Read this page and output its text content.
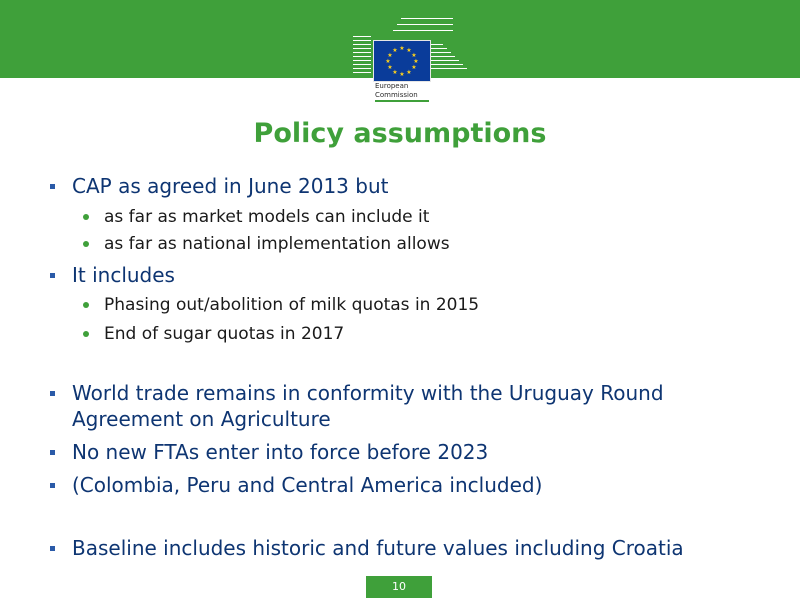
★ ★
★
★
★
★
★
★
★
★
★
★
European
Commission
Policy assumptions
CAP as agreed in June 2013 but
as far as market models can include it
as far as national implementation allows
It includes
Phasing out/abolition of milk quotas in 2015
End of sugar quotas in 2017
World trade remains in conformity with the Uruguay Round
Agreement on Agriculture
No new FTAs enter into force before 2023
(Colombia, Peru and Central America included)
Baseline includes historic and future values including Croatia
10
